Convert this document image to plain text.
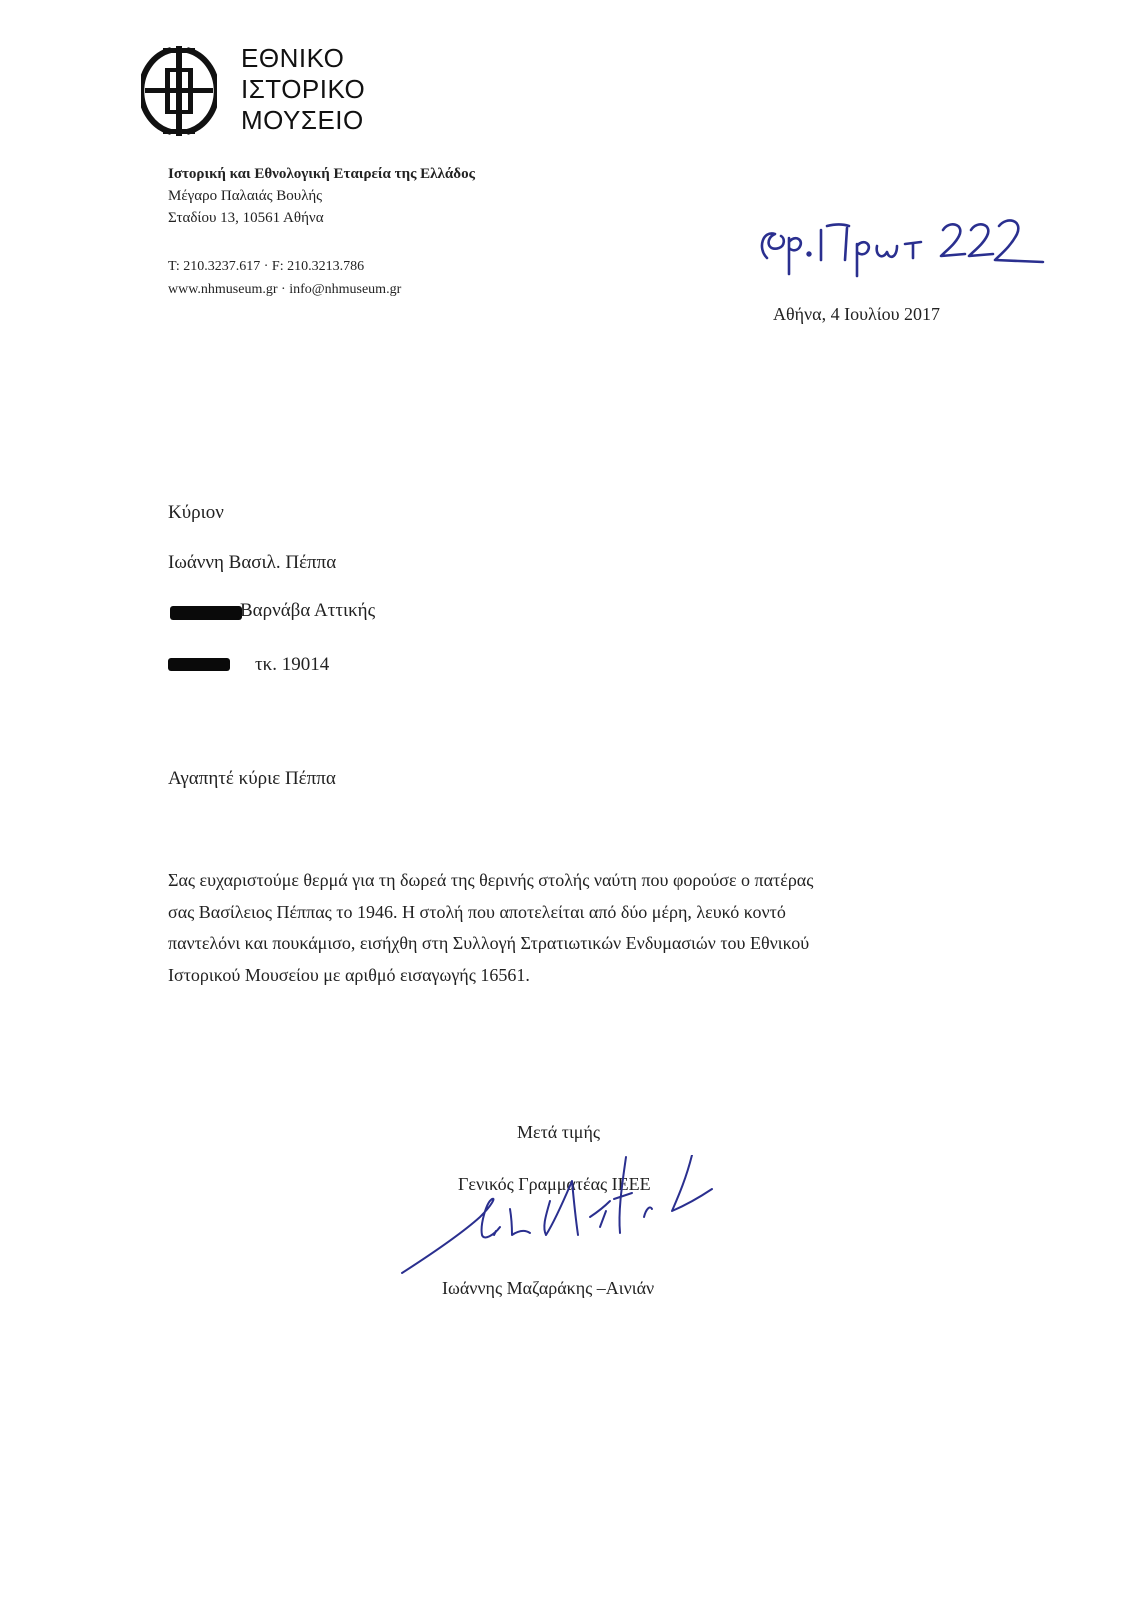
ΕΘΝΙΚΟ
ΙΣΤΟΡΙΚΟ
ΜΟΥΣΕΙΟ
Ιστορική και Εθνολογική Εταιρεία της Ελλάδος
Μέγαρο Παλαιάς Βουλής
Σταδίου 13, 10561 Αθήνα
Τ: 210.3237.617 · F: 210.3213.786
www.nhmuseum.gr · info@nhmuseum.gr
Αθήνα, 4 Ιουλίου 2017
Κύριον
Ιωάννη Βασιλ. Πέππα
Βαρνάβα Αττικής
τκ. 19014
Αγαπητέ κύριε Πέππα
Σας ευχαριστούμε θερμά για τη δωρεά της θερινής στολής ναύτη που φορούσε ο πατέρας
σας Βασίλειος Πέππας το 1946. Η στολή που αποτελείται από δύο μέρη, λευκό κοντό
παντελόνι και πουκάμισο, εισήχθη στη Συλλογή Στρατιωτικών Ενδυμασιών του Εθνικού
Ιστορικού Μουσείου με αριθμό εισαγωγής 16561.
Μετά τιμής
Γενικός Γραμματέας ΙΕΕΕ
Ιωάννης Μαζαράκης –Αινιάν
